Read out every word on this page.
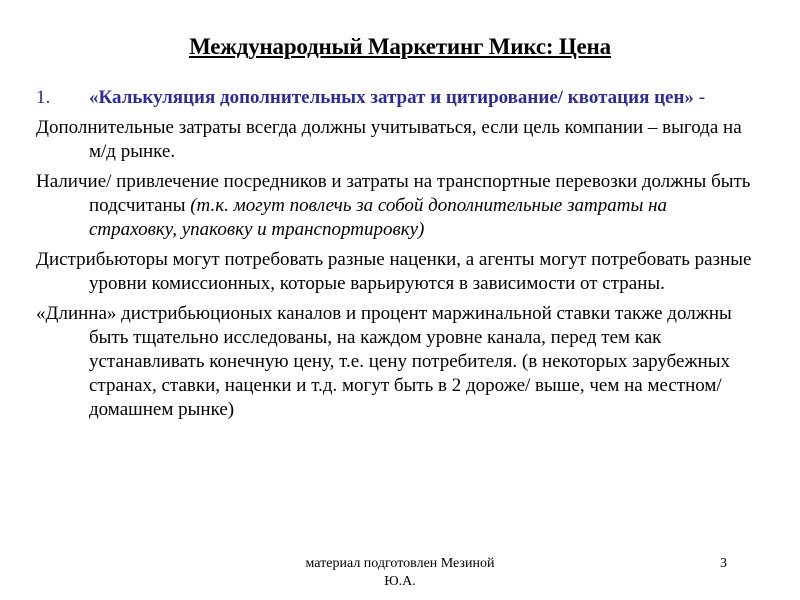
Международный Маркетинг Микс: Цена
1. «Калькуляция дополнительных затрат и цитирование/ квотация цен» -
Дополнительные затраты всегда должны учитываться, если цель компании – выгода на м/д рынке.
Наличие/ привлечение посредников и затраты на транспортные перевозки должны быть подсчитаны (т.к. могут повлечь за собой дополнительные затраты на страховку, упаковку и транспортировку)
Дистрибьюторы могут потребовать разные наценки, а агенты могут потребовать разные уровни комиссионных, которые варьируются в зависимости от страны.
«Длинна» дистрибьюционых каналов и процент маржинальной ставки также должны быть тщательно исследованы, на каждом уровне канала, перед тем как устанавливать конечную цену, т.е. цену потребителя. (в некоторых зарубежных странах, ставки, наценки и т.д. могут быть в 2 дороже/ выше, чем на местном/ домашнем рынке)
материал подготовлен Мезиной
Ю.А.
3
